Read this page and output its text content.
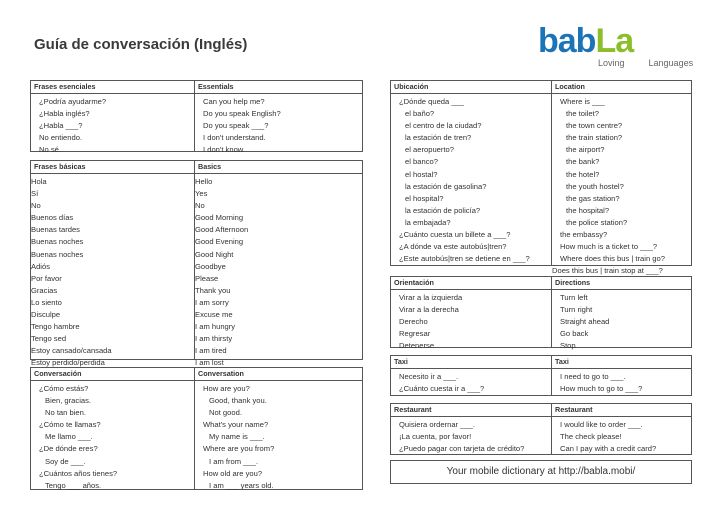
Guía de conversación (Inglés)	babLa
Loving	Languages
Frases esenciales
¿Podría ayudarme?
¿Habla inglés?
¿Habla ___?
No entiendo.
No sé.
Essentials
Can you help me?
Do you speak English?
Do you speak ___?
I don't understand.
I don't know.
Frases básicas
Hola
Sí
No
Buenos días
Buenas tardes
Buenas noches
Buenas noches
Adiós
Por favor
Gracias
Lo siento
Disculpe
Tengo hambre
Tengo sed
Estoy cansado/cansada
Estoy perdido/perdida
Basics
Hello
Yes
No
Good Morning
Good Afternoon
Good Evening
Good Night
Goodbye
Please
Thank you
I am sorry
Excuse me
I am hungry
I am thirsty
I am tired
I am lost
Conversación
¿Cómo estás?
Bien, gracias.
No tan bien.
¿Cómo te llamas?
Me llamo ___.
¿De dónde eres?
Soy de ___.
¿Cuántos años tienes?
Tengo ___ años.
Conversation
How are you?
Good, thank you.
Not good.
What's your name?
My name is ___.
Where are you from?
I am from ___.
How old are you?
I am ___ years old.
Ubicación
¿Dónde queda ___
el baño?
el centro de la ciudad?
la estación de tren?
el aeropuerto?
el banco?
el hostal?
la estación de gasolina?
el hospital?
la estación de policía?
la embajada?
¿Cuánto cuesta un billete a ___?
¿A dónde va este autobús|tren?
¿Este autobús|tren se detiene en ___?
Location
Where is ___
the toilet?
the town centre?
the train station?
the airport?
the bank?
the hotel?
the youth hostel?
the gas station?
the hospital?
the police station?
the embassy?
How much is a ticket to ___?
Where does this bus | train go?
Does this bus | train stop at ___?
Orientación
Virar a la izquierda
Virar a la derecha
Derecho
Regresar
Detenerse
Directions
Turn left
Turn right
Straight ahead
Go back
Stop
Taxi
Necesito ir a ___.
¿Cuánto cuesta ir a ___?
Taxi
I need to go to ___.
How much to go to ___?
Restaurant
Quisiera ordernar ___.
¡La cuenta, por favor!
¿Puedo pagar con tarjeta de crédito?
Restaurant
I would like to order ___.
The check please!
Can I pay with a credit card?
Your mobile dictionary at http://babla.mobi/
